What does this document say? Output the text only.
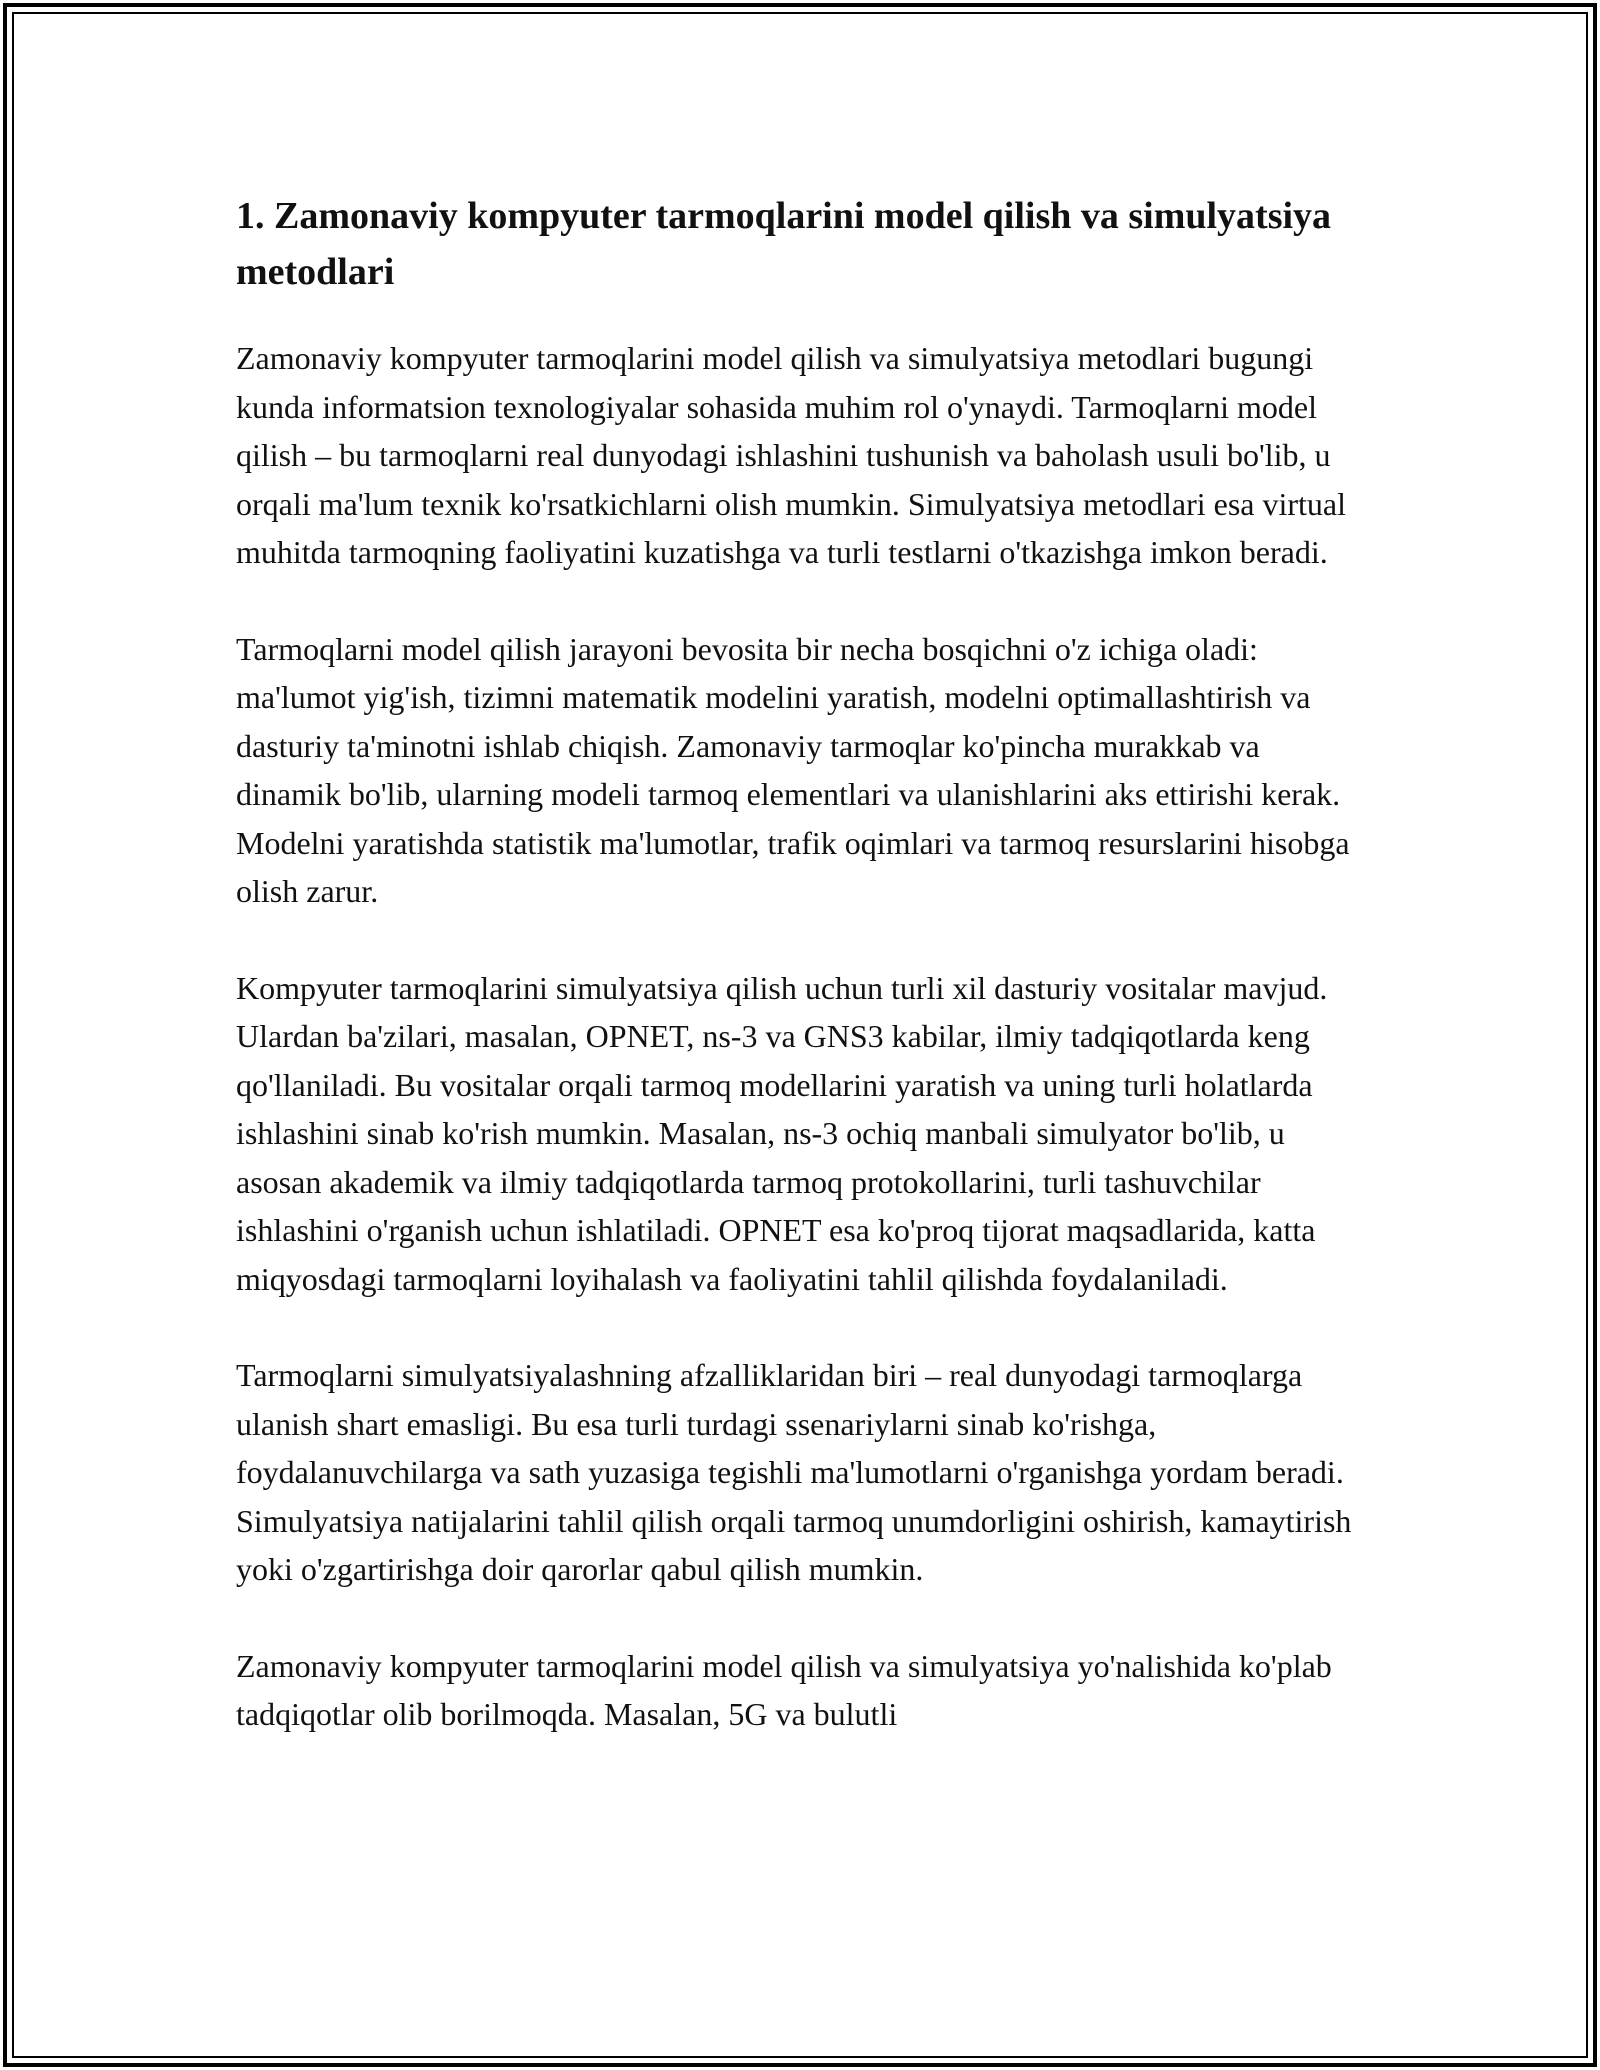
1. Zamonaviy kompyuter tarmoqlarini model qilish va simulyatsiya metodlari

Zamonaviy kompyuter tarmoqlarini model qilish va simulyatsiya metodlari bugungi kunda informatsion texnologiyalar sohasida muhim rol o'ynaydi. Tarmoqlarni model qilish – bu tarmoqlarni real dunyodagi ishlashini tushunish va baholash usuli bo'lib, u orqali ma'lum texnik ko'rsatkichlarni olish mumkin. Simulyatsiya metodlari esa virtual muhitda tarmoqning faoliyatini kuzatishga va turli testlarni o'tkazishga imkon beradi.

Tarmoqlarni model qilish jarayoni bevosita bir necha bosqichni o'z ichiga oladi: ma'lumot yig'ish, tizimni matematik modelini yaratish, modelni optimallashtirish va dasturiy ta'minotni ishlab chiqish. Zamonaviy tarmoqlar ko'pincha murakkab va dinamik bo'lib, ularning modeli tarmoq elementlari va ulanishlarini aks ettirishi kerak. Modelni yaratishda statistik ma'lumotlar, trafik oqimlari va tarmoq resurslarini hisobga olish zarur.

Kompyuter tarmoqlarini simulyatsiya qilish uchun turli xil dasturiy vositalar mavjud. Ulardan ba'zilari, masalan, OPNET, ns-3 va GNS3 kabilar, ilmiy tadqiqotlarda keng qo'llaniladi. Bu vositalar orqali tarmoq modellarini yaratish va uning turli holatlarda ishlashini sinab ko'rish mumkin. Masalan, ns-3 ochiq manbali simulyator bo'lib, u asosan akademik va ilmiy tadqiqotlarda tarmoq protokollarini, turli tashuvchilar ishlashini o'rganish uchun ishlatiladi. OPNET esa ko'proq tijorat maqsadlarida, katta miqyosdagi tarmoqlarni loyihalash va faoliyatini tahlil qilishda foydalaniladi.

Tarmoqlarni simulyatsiyalashning afzalliklaridan biri – real dunyodagi tarmoqlarga ulanish shart emasligi. Bu esa turli turdagi ssenariylarni sinab ko'rishga, foydalanuvchilarga va sath yuzasiga tegishli ma'lumotlarni o'rganishga yordam beradi. Simulyatsiya natijalarini tahlil qilish orqali tarmoq unumdorligini oshirish, kamaytirish yoki o'zgartirishga doir qarorlar qabul qilish mumkin.

Zamonaviy kompyuter tarmoqlarini model qilish va simulyatsiya yo'nalishida ko'plab tadqiqotlar olib borilmoqda. Masalan, 5G va bulutli
